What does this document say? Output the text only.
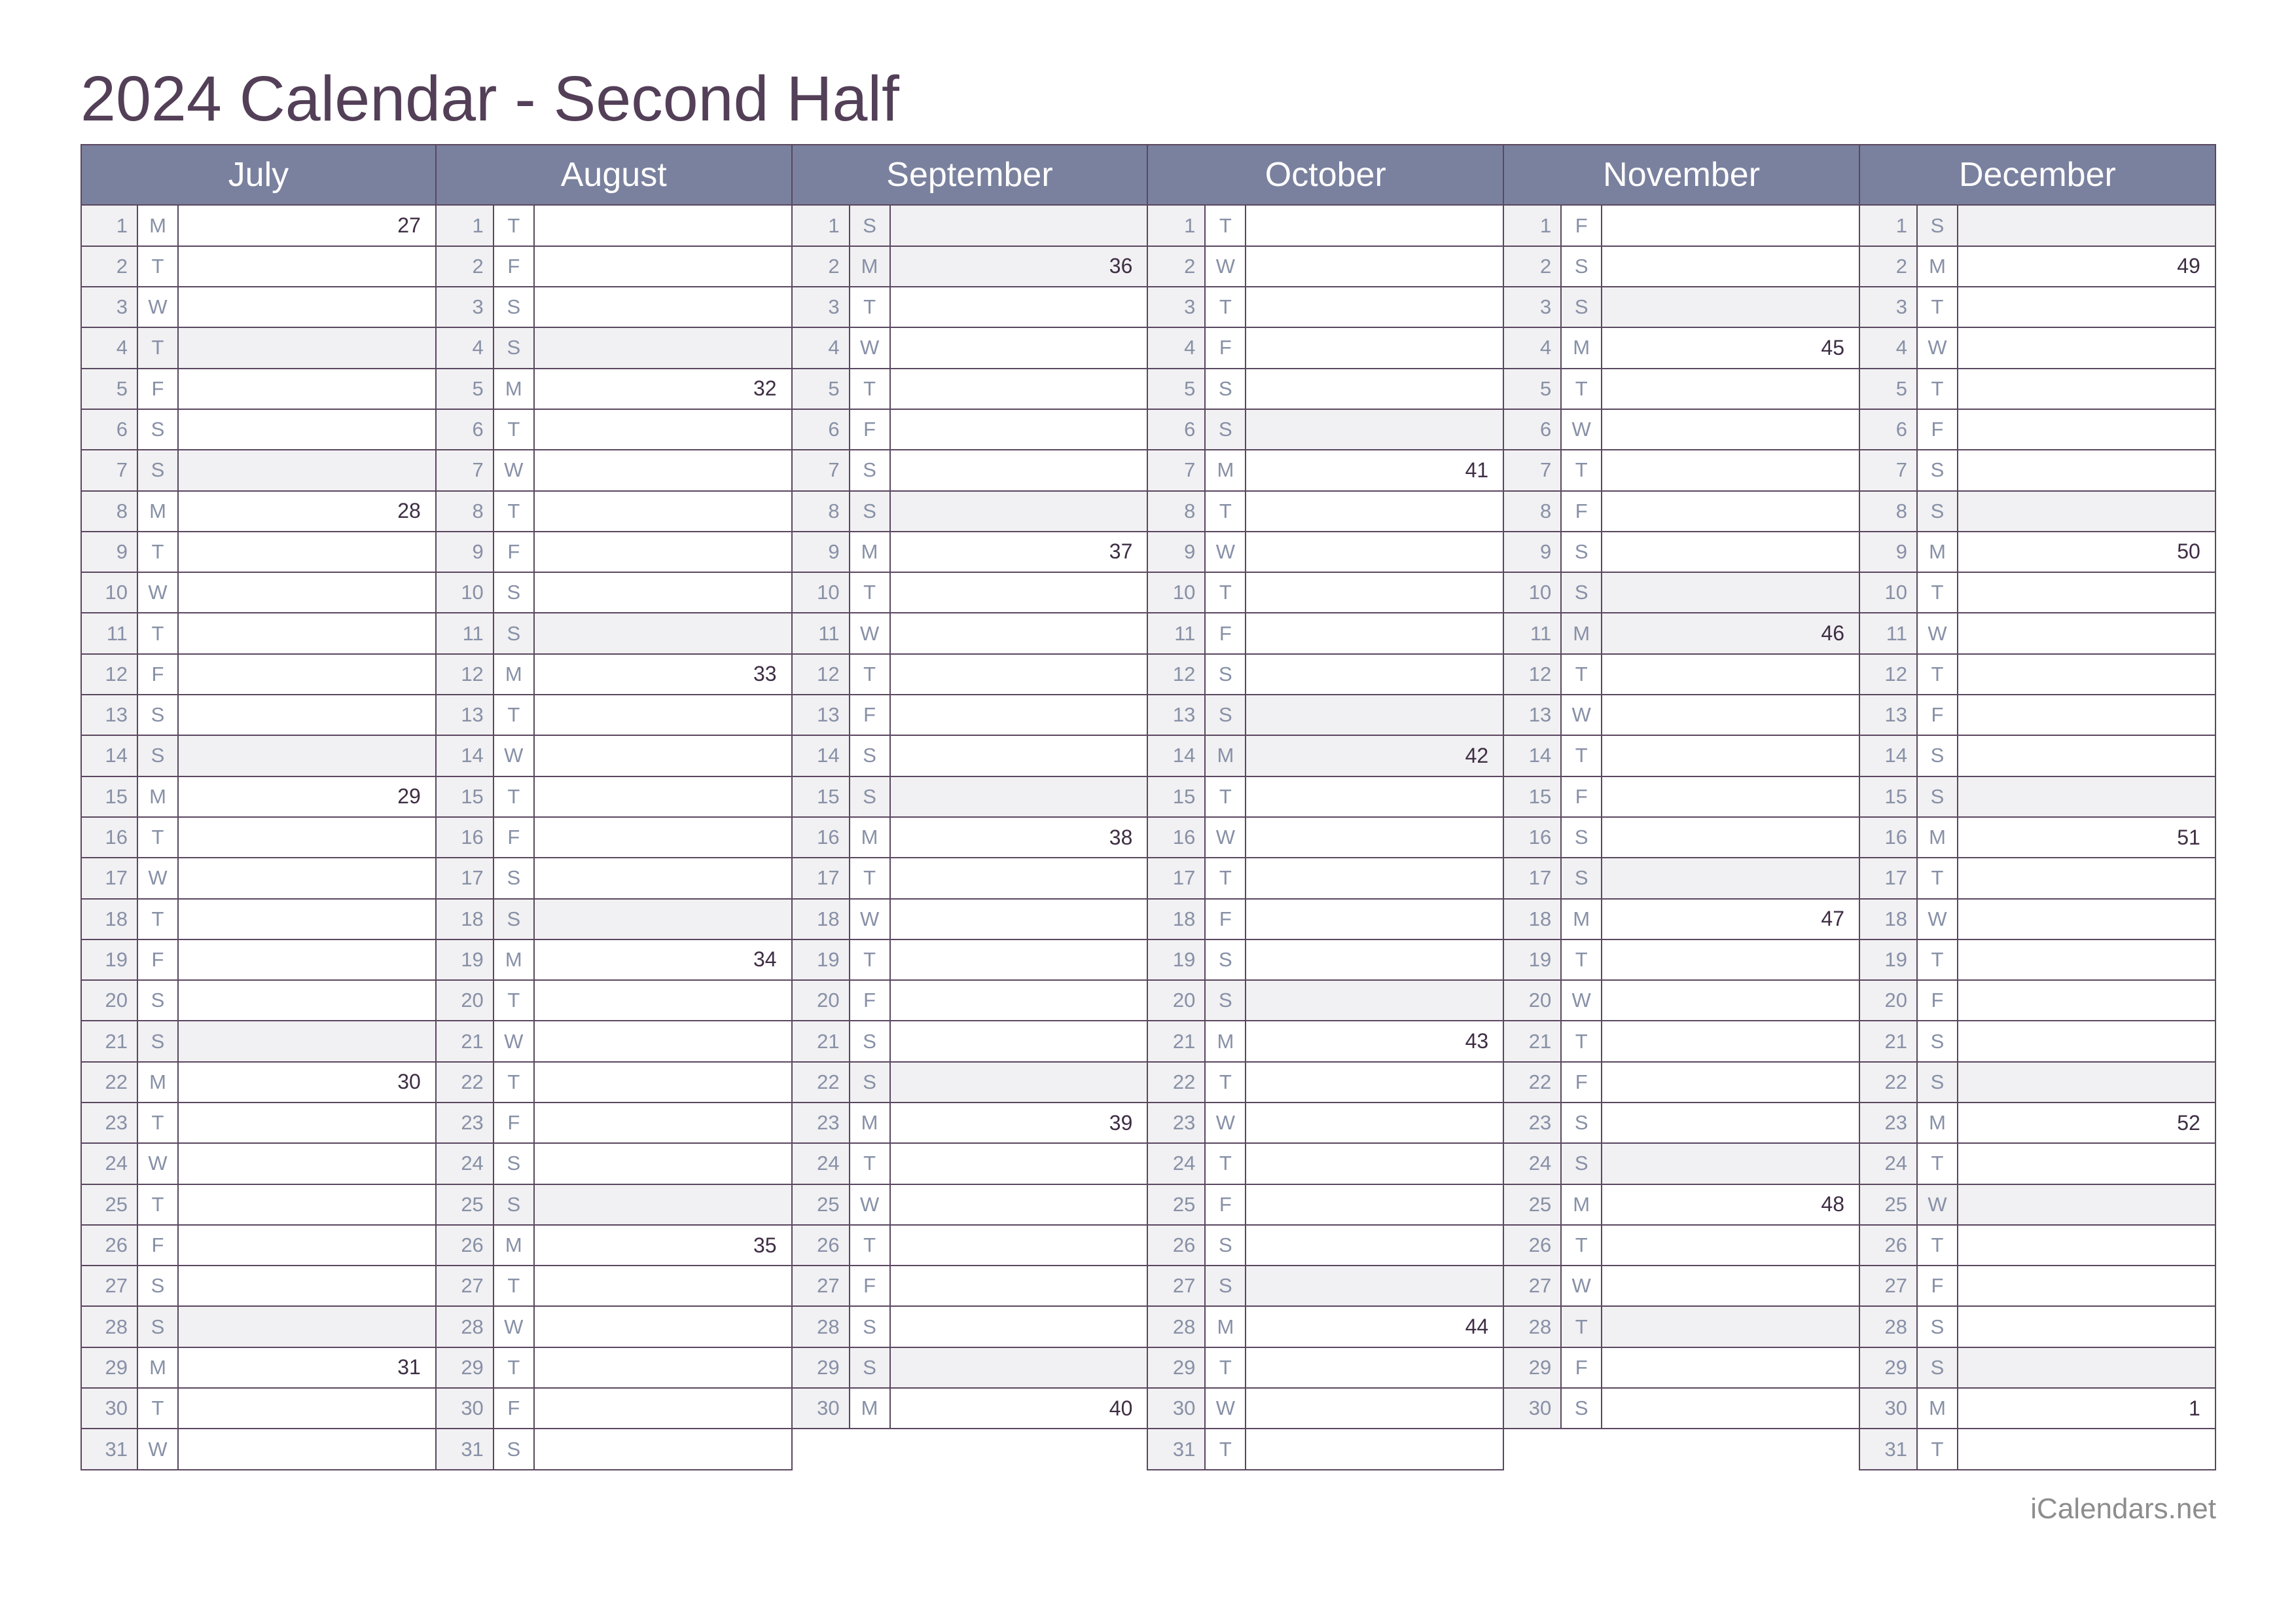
2024 Calendar - Second Half
July
1	M	27
2	T
3	W
4	T
5	F
6	S
7	S
8	M	28
9	T
10	W
11	T
12	F
13	S
14	S
15	M	29
16	T
17	W
18	T
19	F
20	S
21	S
22	M	30
23	T
24	W
25	T
26	F
27	S
28	S
29	M	31
30	T
31	W
August
1	T
2	F
3	S
4	S
5	M	32
6	T
7	W
8	T
9	F
10	S
11	S
12	M	33
13	T
14	W
15	T
16	F
17	S
18	S
19	M	34
20	T
21	W
22	T
23	F
24	S
25	S
26	M	35
27	T
28	W
29	T
30	F
31	S
September
1	S
2	M	36
3	T
4	W
5	T
6	F
7	S
8	S
9	M	37
10	T
11	W
12	T
13	F
14	S
15	S
16	M	38
17	T
18	W
19	T
20	F
21	S
22	S
23	M	39
24	T
25	W
26	T
27	F
28	S
29	S
30	M	40
October
1	T
2	W
3	T
4	F
5	S
6	S
7	M	41
8	T
9	W
10	T
11	F
12	S
13	S
14	M	42
15	T
16	W
17	T
18	F
19	S
20	S
21	M	43
22	T
23	W
24	T
25	F
26	S
27	S
28	M	44
29	T
30	W
31	T
November
1	F
2	S
3	S
4	M	45
5	T
6	W
7	T
8	F
9	S
10	S
11	M	46
12	T
13	W
14	T
15	F
16	S
17	S
18	M	47
19	T
20	W
21	T
22	F
23	S
24	S
25	M	48
26	T
27	W
28	T
29	F
30	S
December
1	S
2	M	49
3	T
4	W
5	T
6	F
7	S
8	S
9	M	50
10	T
11	W
12	T
13	F
14	S
15	S
16	M	51
17	T
18	W
19	T
20	F
21	S
22	S
23	M	52
24	T
25	W
26	T
27	F
28	S
29	S
30	M	1
31	T
iCalendars.net
